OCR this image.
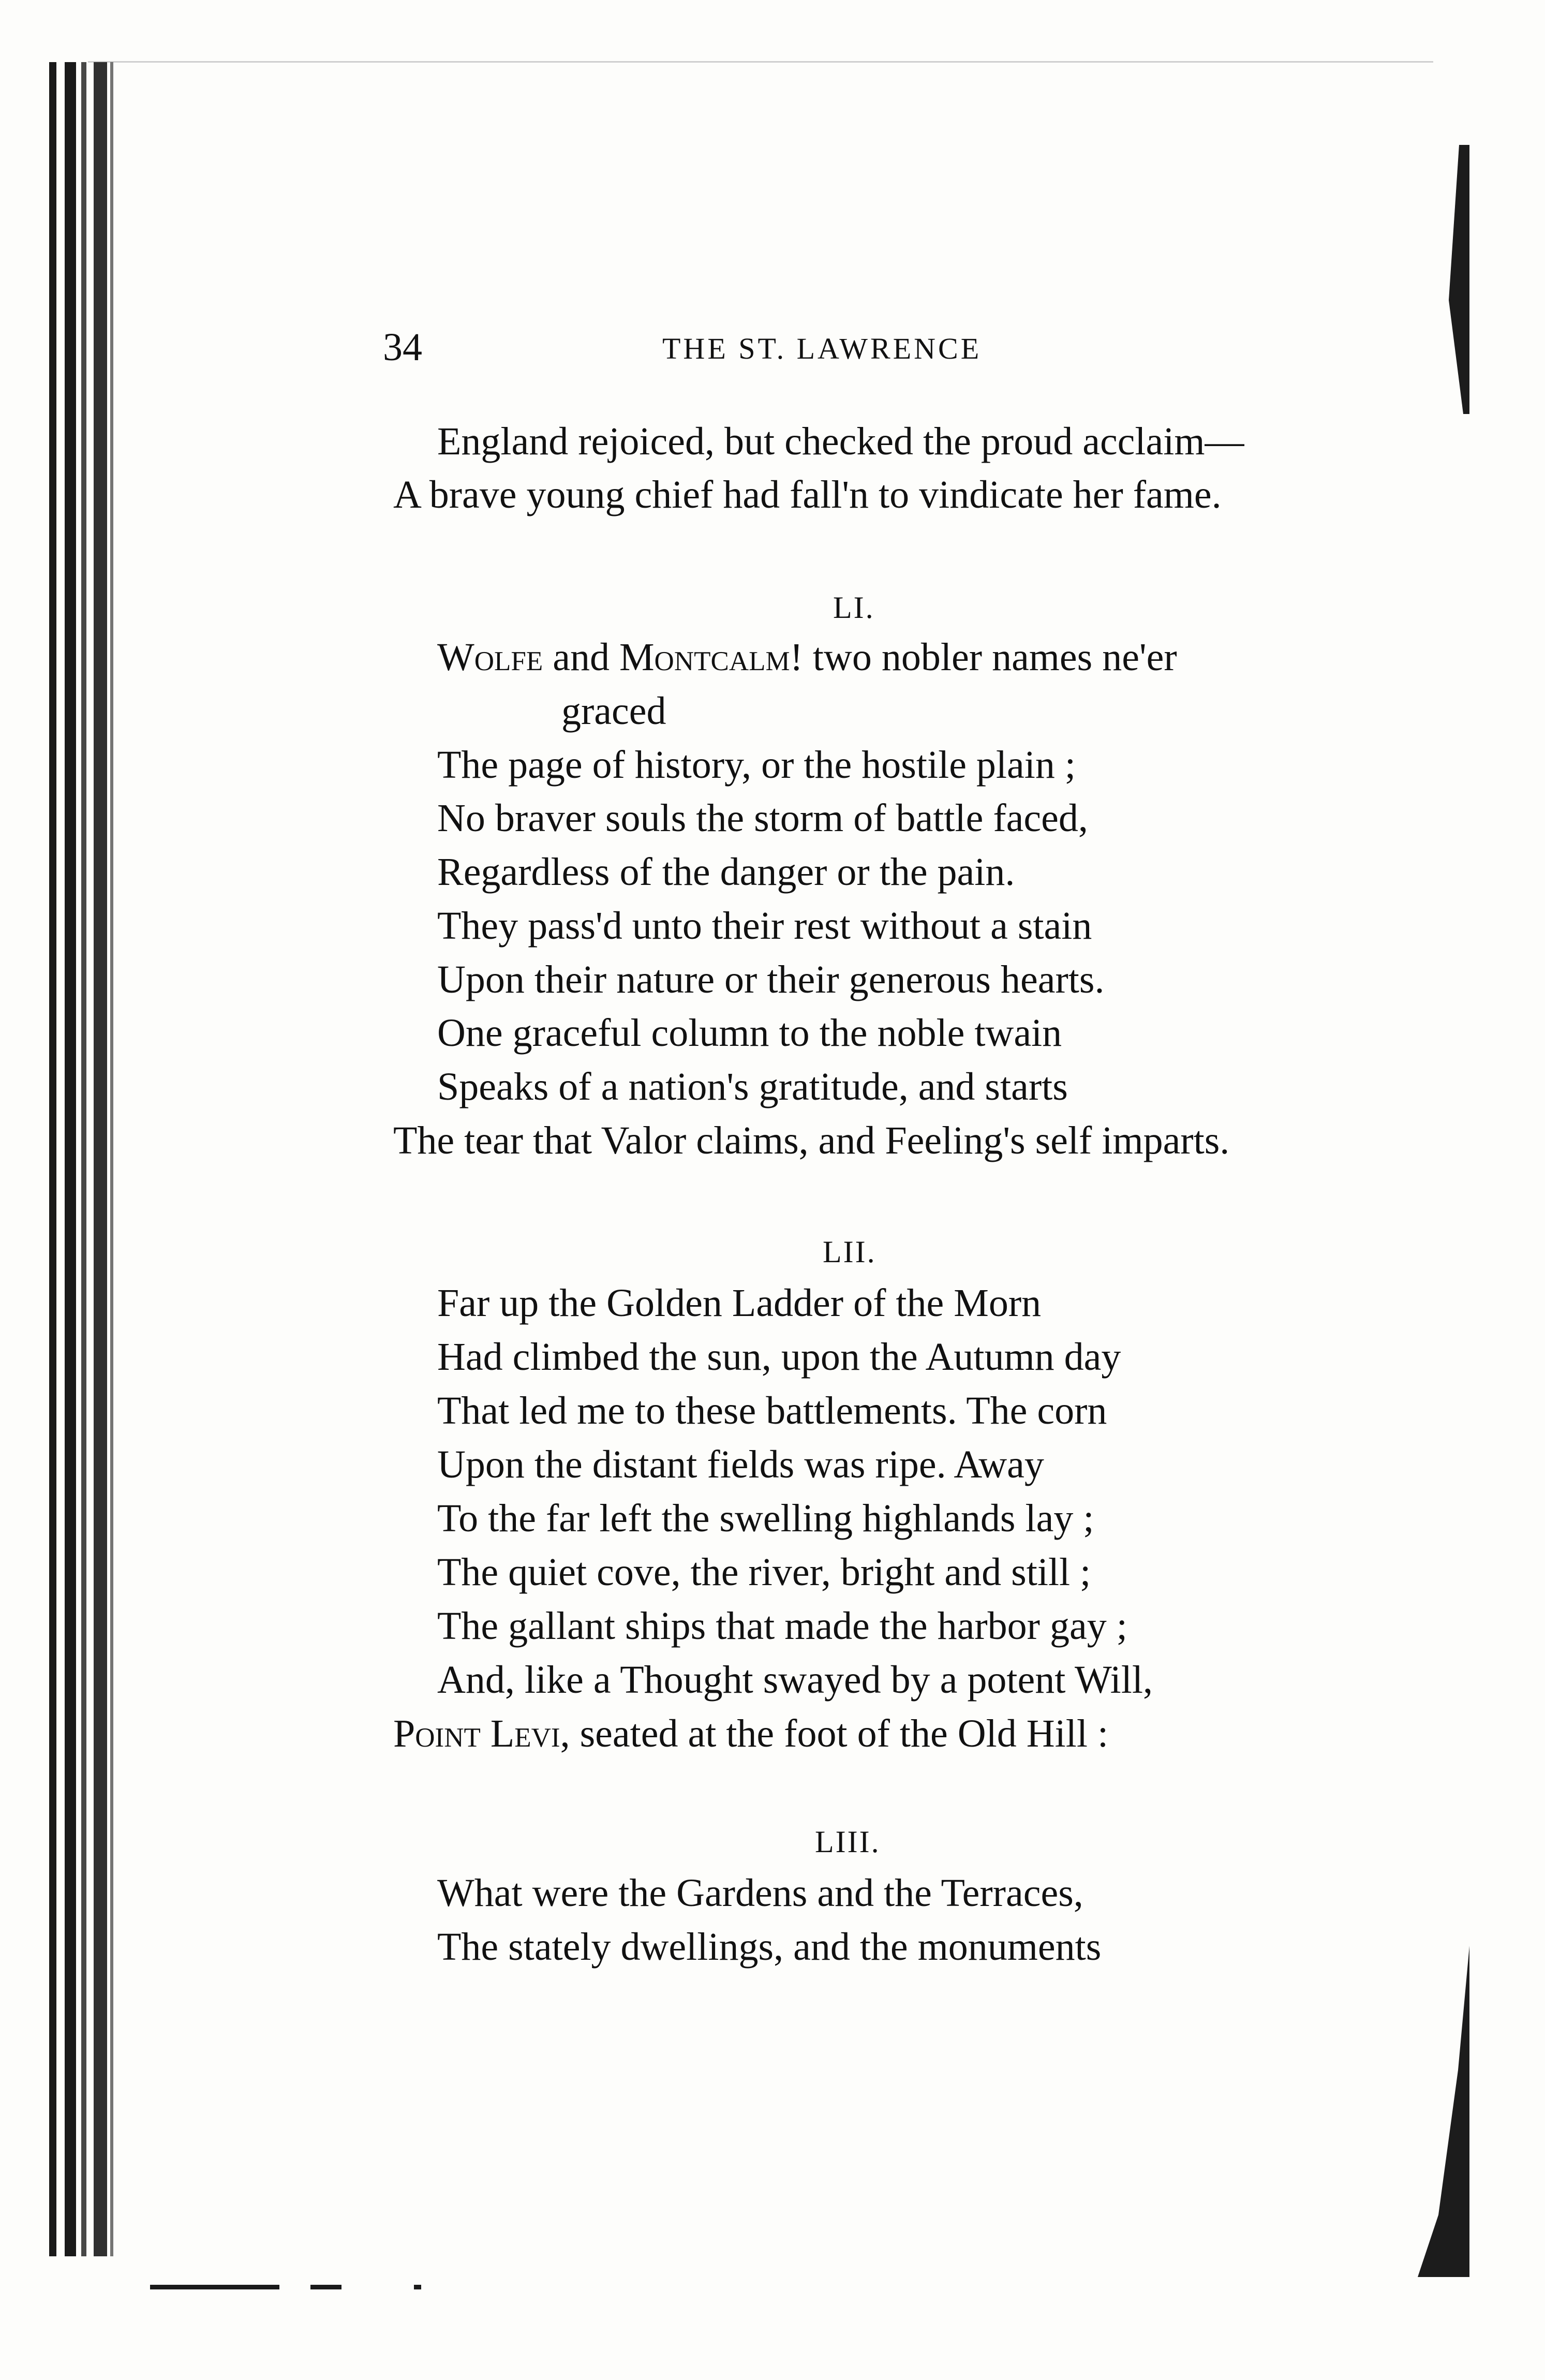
34	THE ST. LAWRENCE
England rejoiced, but checked the proud acclaim—
A brave young chief had fall'n to vindicate her fame.
LI.
Wolfe and Montcalm! two nobler names ne'er
graced
The page of history, or the hostile plain ;
No braver souls the storm of battle faced,
Regardless of the danger or the pain.
They pass'd unto their rest without a stain
Upon their nature or their generous hearts.
One graceful column to the noble twain
Speaks of a nation's gratitude, and starts
The tear that Valor claims, and Feeling's self imparts.
LII.
Far up the Golden Ladder of the Morn
Had climbed the sun, upon the Autumn day
That led me to these battlements. The corn
Upon the distant fields was ripe. Away
To the far left the swelling highlands lay ;
The quiet cove, the river, bright and still ;
The gallant ships that made the harbor gay ;
And, like a Thought swayed by a potent Will,
Point Levi, seated at the foot of the Old Hill :
LIII.
What were the Gardens and the Terraces,
The stately dwellings, and the monuments
